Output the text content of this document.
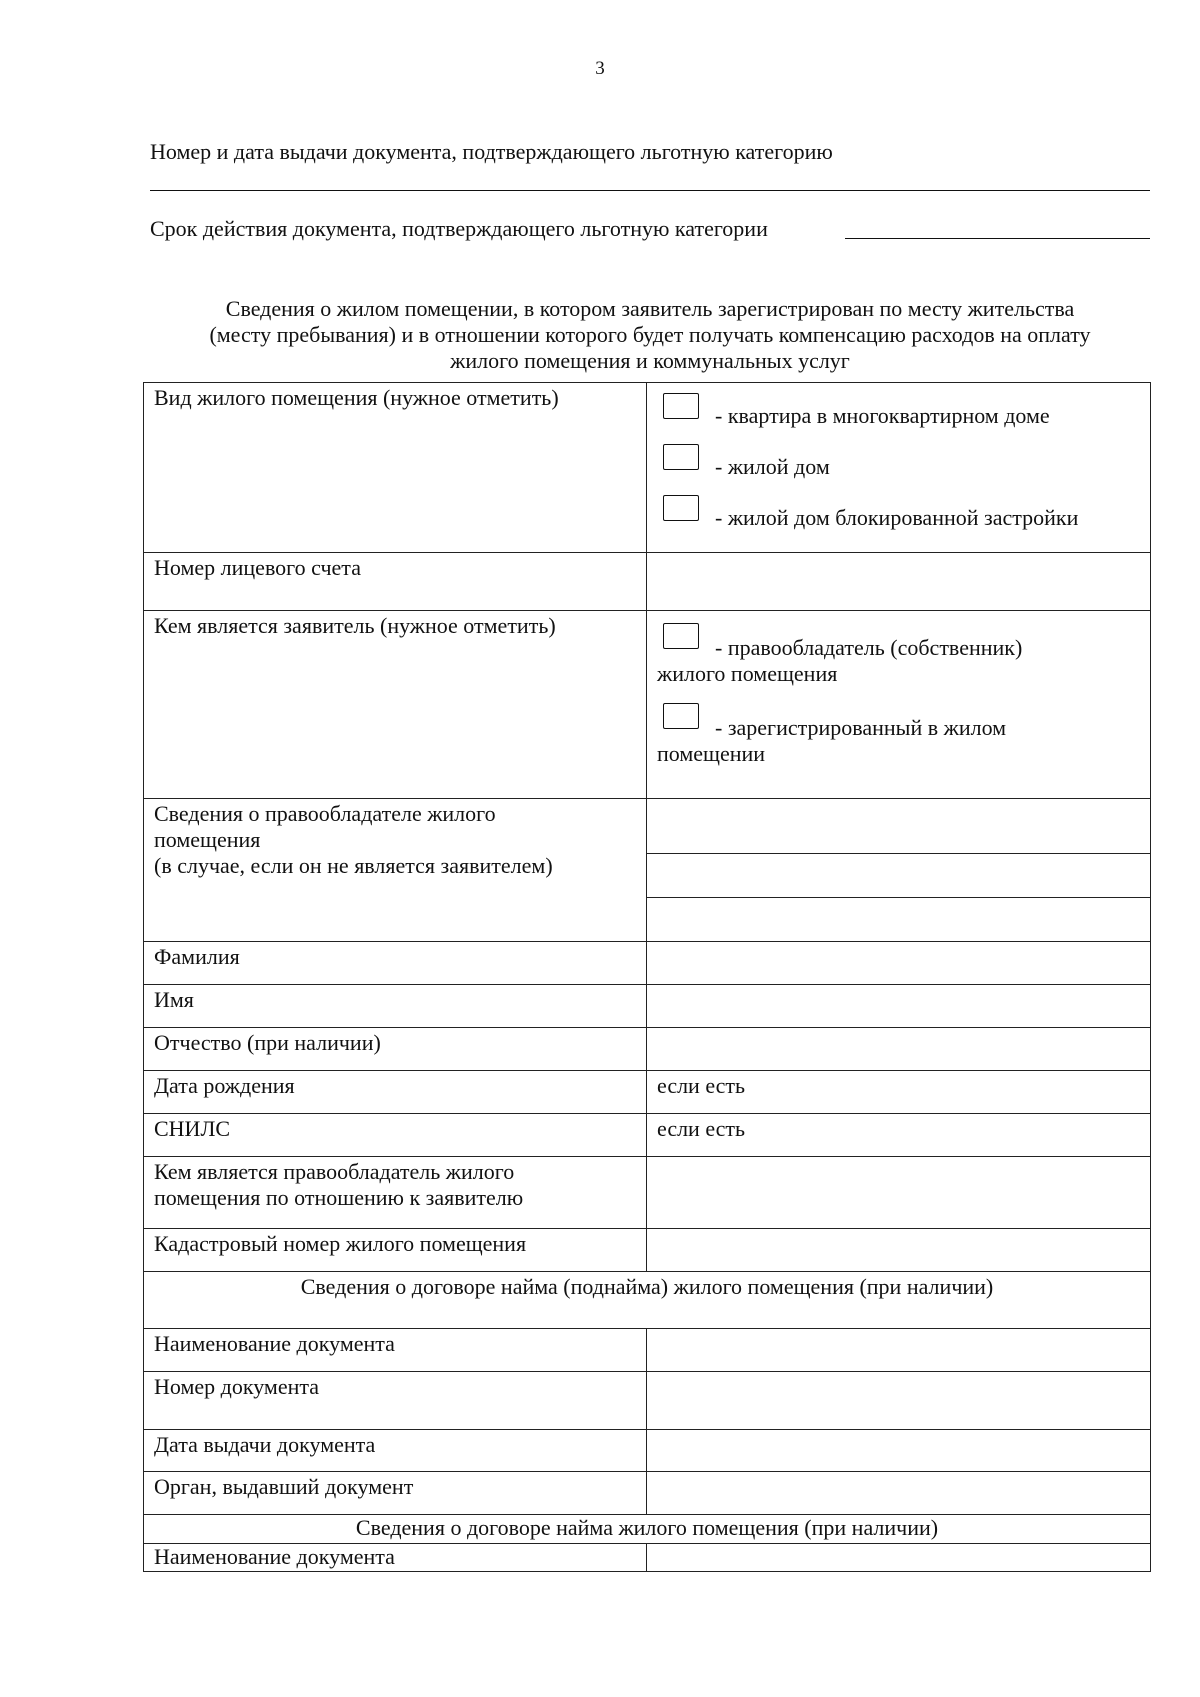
3
Номер и дата выдачи документа, подтверждающего льготную категорию
Срок действия документа, подтверждающего льготную категории
Сведения о жилом помещении, в котором заявитель зарегистрирован по месту жительства
(месту пребывания) и в отношении которого будет получать компенсацию расходов на оплату
жилого помещения и коммунальных услуг
Вид жилого помещения (нужное отметить)	- квартира в многоквартирном доме
- жилой дом
- жилой дом блокированной застройки

Номер лицевого счета	
Кем является заявитель (нужное отметить)	- правообладатель (собственник)
жилого помещения
- зарегистрированный в жилом
помещении

Сведения о правообладателе жилого
помещения
(в случае, если он не является заявителем)	

Фамилия	
Имя	
Отчество (при наличии)	
Дата рождения	если есть
СНИЛС	если есть

Кем является правообладатель жилого
помещения по отношению к заявителю	

Кадастровый номер жилого помещения	
Сведения о договоре найма (поднайма) жилого помещения (при наличии)	
Наименование документа	
Номер документа	
Дата выдачи документа	
Орган, выдавший документ	
Сведения о договоре найма жилого помещения (при наличии)	
Наименование документа	
